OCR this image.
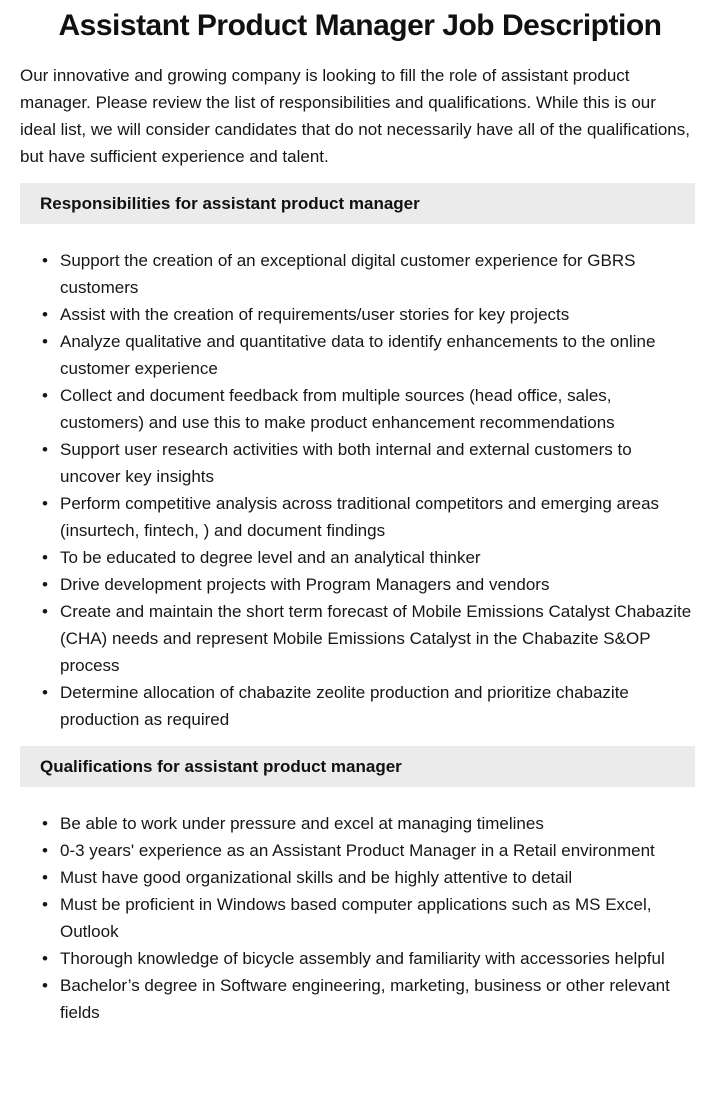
Assistant Product Manager Job Description

Our innovative and growing company is looking to fill the role of assistant product manager. Please review the list of responsibilities and qualifications. While this is our ideal list, we will consider candidates that do not necessarily have all of the qualifications, but have sufficient experience and talent.

Responsibilities for assistant product manager
• Support the creation of an exceptional digital customer experience for GBRS customers
• Assist with the creation of requirements/user stories for key projects
• Analyze qualitative and quantitative data to identify enhancements to the online customer experience
• Collect and document feedback from multiple sources (head office, sales, customers) and use this to make product enhancement recommendations
• Support user research activities with both internal and external customers to uncover key insights
• Perform competitive analysis across traditional competitors and emerging areas (insurtech, fintech, ) and document findings
• To be educated to degree level and an analytical thinker
• Drive development projects with Program Managers and vendors
• Create and maintain the short term forecast of Mobile Emissions Catalyst Chabazite (CHA) needs and represent Mobile Emissions Catalyst in the Chabazite S&OP process
• Determine allocation of chabazite zeolite production and prioritize chabazite production as required
Qualifications for assistant product manager
• Be able to work under pressure and excel at managing timelines
• 0-3 years' experience as an Assistant Product Manager in a Retail environment
• Must have good organizational skills and be highly attentive to detail
• Must be proficient in Windows based computer applications such as MS Excel, Outlook
• Thorough knowledge of bicycle assembly and familiarity with accessories helpful
• Bachelor’s degree in Software engineering, marketing, business or other relevant fields
